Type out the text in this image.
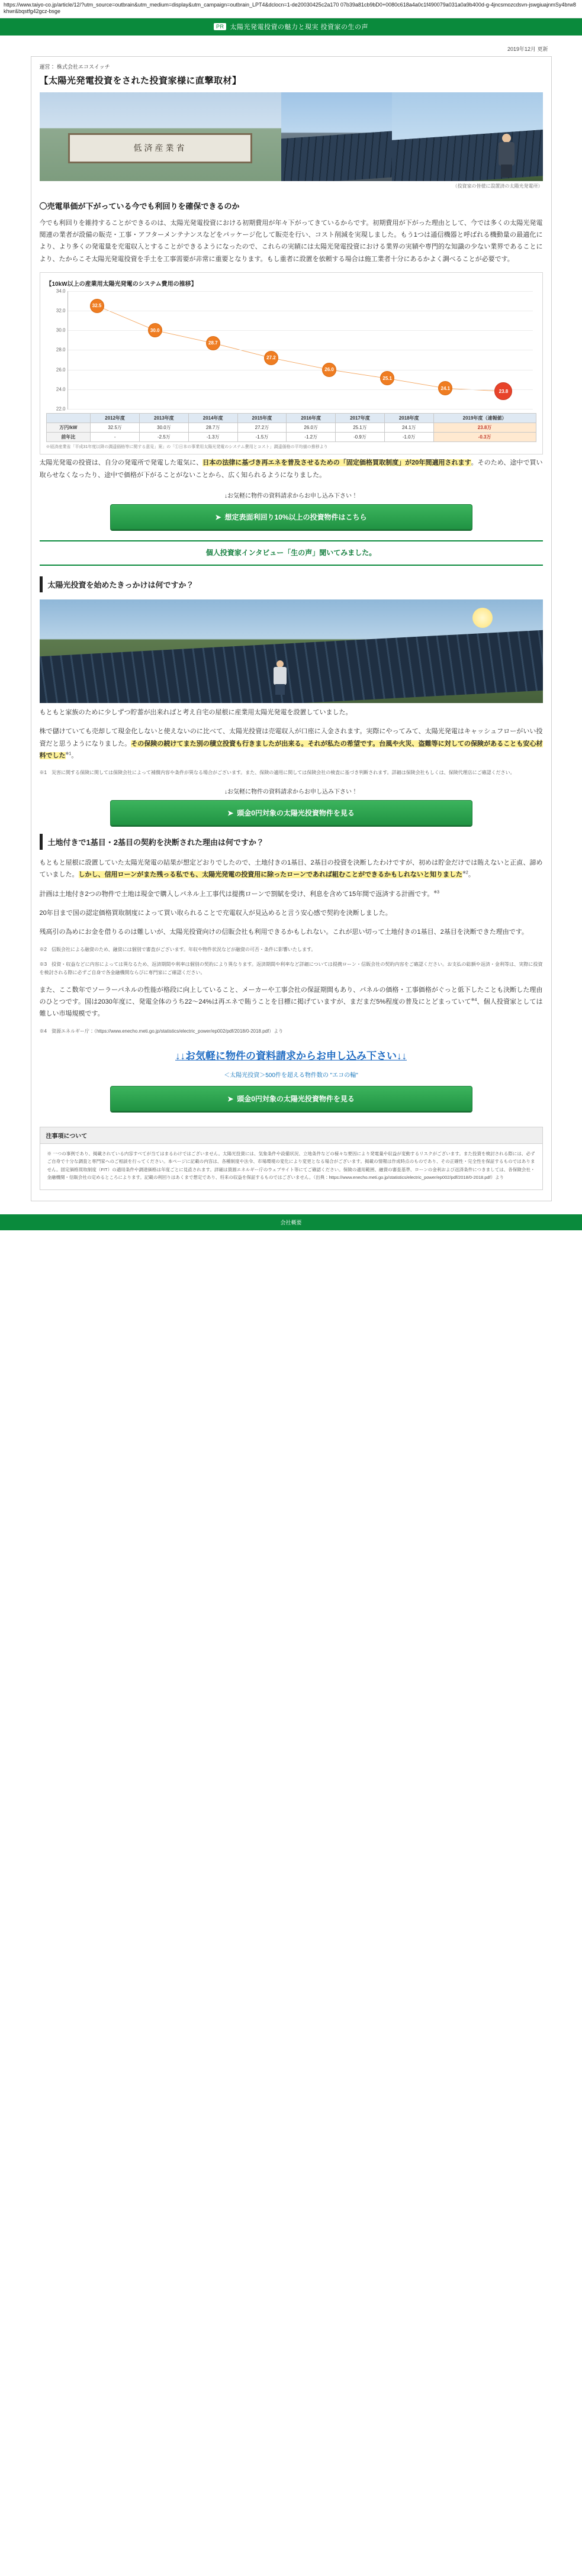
https://www.taiyo-co.jp/article/12/?utm_source=outbrain&utm_medium=display&utm_campaign=outbrain_LPT4&dclocn=1-de20030425c2a170 07b39a81cb9bD0+0080c618a4a0c1f490079a031a0a9b400d-g-4jncsmozcdsvn-jswgiuajnmSy4brw8khwr&bqstfg42gcz-bsge
PR 太陽光発電投資の魅力と現実 投資家の生の声
2019年12月 更新
運営： 株式会社エコスイッチ
【太陽光発電投資をされた投資家様に直撃取材】
低済産業省
（投資家の皆様に設置済の太陽光発電所）
〇売電単価が下がっている今でも利回りを確保できるのか

今でも利回りを維持することができるのは、太陽光発電投資における初期費用が年々下がってきているからです。初期費用が下がった理由として、今では多くの太陽光発電関連の業者が設備の販売・工事・アフターメンテナンスなどをパッケージ化して販売を行い、コスト削減を実現しました。もう1つは通信機器と呼ばれる機動量の最適化により、より多くの発電量を充電収入とすることができるようになったので、これらの実績には太陽光発電投資における業界の実績や専門的な知識の少ない業界であることにより、たからこそ太陽光発電投資を手土を工事需要が非常に重要となります。もし重者に設置を依頼する場合は施工業者十分にあるかよく調べることが必要です。

【10kW以上の産業用太陽光発電のシステム費用の推移】
34.0
32.0
30.0
28.0
26.0
24.0
22.0
32.5
30.0
28.7
27.2
26.0
25.1
24.1
23.8
	2012年度	2013年度	2014年度	2015年度	2016年度	2017年度	2018年度	2019年度（速報値）
万円/kW	32.5万	30.0万	28.7万	27.2万	26.0万	25.1万	24.1万	23.8万
前年比	-	-2.5万	-1.3万	-1.5万	-1.2万	-0.9万	-1.0万	-0.3万
※経済産業省「平成31年度以降の調達価格等に関する意見」案」の「①日本の事業用太陽光発電のシステム費用とコスト」調達価格の平均値の推移より

太陽光発電の投資は、自分の発電所で発電した電気に、日本の法律に基づき再エネを普及させるための「固定価格買取制度」が20年間適用されます。そのため、途中で買い取らせなくなったり、途中で価格が下がることがないことから、広く知られるようになりました。

↓お気軽に物件の資料請求からお申し込み下さい！
➤ 想定表面利回り10%以上の投資物件はこちら
個人投資家インタビュー「生の声」聞いてみました。
太陽光投資を始めたきっかけは何ですか？

もともと家族のために少しずつ貯蓄が出来ればと考え自宅の屋根に産業用太陽光発電を設置していました。

株で儲けていても売却して現金化しないと使えないのに比べて、太陽光投資は売電収入が口座に入金されます。実際にやってみて、太陽光発電はキャッシュフローがいい投資だと思うようになりました。その保険の続けてまた別の積立投資も行きましたが出来る。それが私たの希望です。台風や火災、盗難等に対しての保険があることも安心材料でした$^{※1}$。

※1　災害に関する保険に関しては保険会社によって補償内容や条件が異なる場合がございます。また、保険の適用に関しては保険会社の検査に基づき判断されます。詳細は保険会社もしくは、保険代理店にご確認ください。
↓お気軽に物件の資料請求からお申し込み下さい！
➤ 頭金0円対象の太陽光投資物件を見る
土地付きで1基目・2基目の契約を決断された理由は何ですか？

もともと屋根に設置していた太陽光発電の結果が想定どおりでしたので、土地付きの1基目、2基目の投資を決断したわけですが、初めは貯金だけでは賄えないと正直、諦めていました。しかし、信用ローンがまた残っる私でも、太陽光発電の投資用に除ったローンであれば組むことができるかもしれないと知りました$^{※2}$。

計画は土地付き2つの物件で土地は現金で購入しパネル上工事代は提携ローンで割賦を受け、利息を含めて15年間で返済する計画です。$^{※3}$

20年目まで国の認定価格買取制度によって買い取られることで充電収入が見込めると言う安心感で契約を決断しました。

残高引の為めにお金を借りるのは難しいが、太陽光投資向けの信販会社も利用できるかもしれない。これが思い切って土地付きの1基目、2基目を決断できた理由です。

※2　信販会社による融資のため、融資には個別で審査がございます。年収や物件状況などが融資の可否・条件に影響いたします。
※3　投資・収益などに内容によっては異なるため、返済期間や利率は個別の契約により異なります。返済期間や利率など詳細については提携ローン・信販会社の契約内容をご確認ください。お支払の総額や返済・金利等は、実際に投資を検討される際に必ずご自身で各金融機関ならびに専門家にご確認ください。

また、ここ数年でソーラーパネルの性能が格段に向上していること、メーカーや工事会社の保証期間もあり、パネルの価格・工事価格がぐっと低下したことも決断した理由のひとつです。国は2030年度に、発電全体のうち22〜24%は再エネで賄うことを目標に掲げていますが、まだまだ5%程度の普及にとどまっていて$^{※4}$、個人投資家としては難しい市場規模です。

※4　資源エネルギー庁：（https://www.enecho.meti.go.jp/statistics/electric_power/ep002/pdf/2018/0-2018.pdf）より
↓↓お気軽に物件の資料請求からお申し込み下さい↓↓
＜太陽光投資＞500件を超える物件数の "エコの輪"
➤ 頭金0円対象の太陽光投資物件を見る
注事項について
※ 一つの事例であり、掲載されている内容すべてが当てはまるわけではございません。太陽光投資には、気象条件や設備状況、立地条件などの様々な要因により発電量や収益が変動するリスクがございます。また投資を検討される際には、必ずご自身で十分な調査と専門家へのご相談を行ってください。本ページに記載の内容は、各種制度や法令、市場環境の変化により変更となる場合がございます。掲載の情報は作成時点のものであり、その正確性・完全性を保証するものではありません。固定価格買取制度（FIT）の適用条件や調達価格は年度ごとに見直されます。詳細は資源エネルギー庁のウェブサイト等にてご確認ください。保険の適用範囲、融資の審査基準、ローンの金利および返済条件につきましては、各保険会社・金融機関・信販会社の定めるところによります。記載の利回りはあくまで想定であり、将来の収益を保証するものではございません。（出典：https://www.enecho.meti.go.jp/statistics/electric_power/ep002/pdf/2018/0-2018.pdf）より
会社概要
